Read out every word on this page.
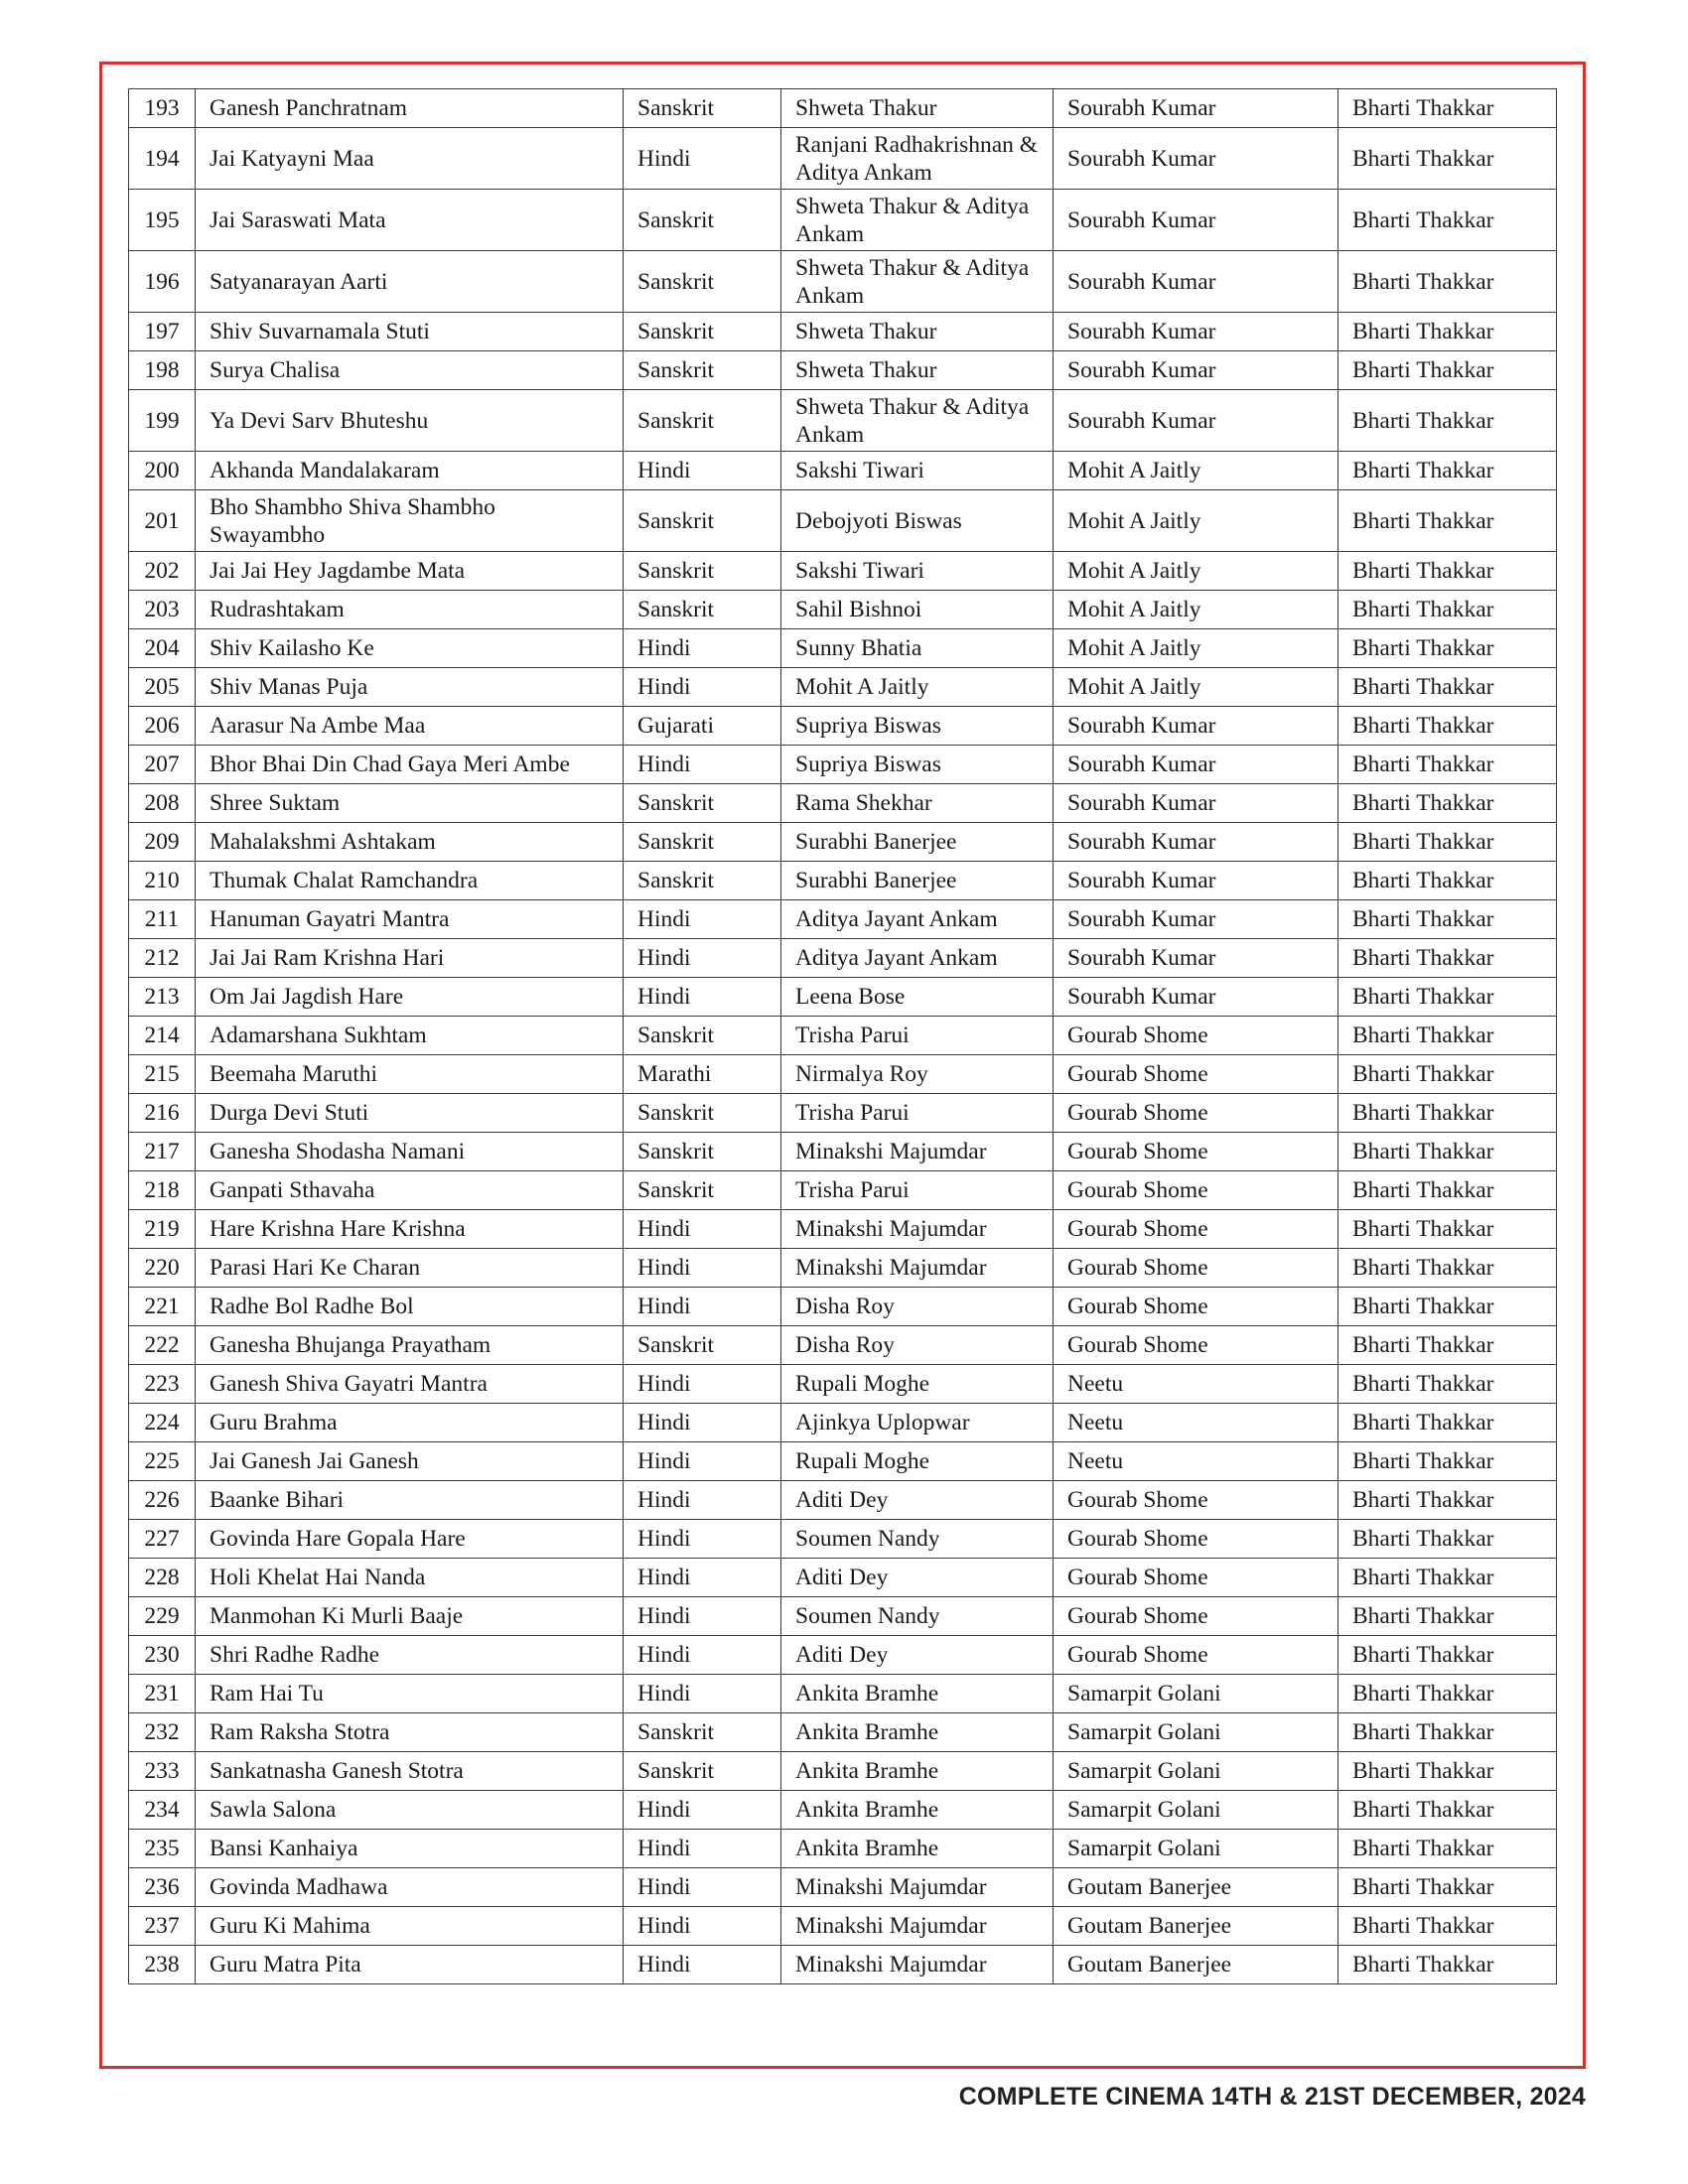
193	Ganesh Panchratnam	Sanskrit	Shweta Thakur	Sourabh Kumar	Bharti Thakkar
194	Jai Katyayni Maa	Hindi	Ranjani Radhakrishnan & Aditya Ankam	Sourabh Kumar	Bharti Thakkar
195	Jai Saraswati Mata	Sanskrit	Shweta Thakur & Aditya Ankam	Sourabh Kumar	Bharti Thakkar
196	Satyanarayan Aarti	Sanskrit	Shweta Thakur & Aditya Ankam	Sourabh Kumar	Bharti Thakkar
197	Shiv Suvarnamala Stuti	Sanskrit	Shweta Thakur	Sourabh Kumar	Bharti Thakkar
198	Surya Chalisa	Sanskrit	Shweta Thakur	Sourabh Kumar	Bharti Thakkar
199	Ya Devi Sarv Bhuteshu	Sanskrit	Shweta Thakur & Aditya Ankam	Sourabh Kumar	Bharti Thakkar
200	Akhanda Mandalakaram	Hindi	Sakshi Tiwari	Mohit A Jaitly	Bharti Thakkar
201	Bho Shambho Shiva Shambho Swayambho	Sanskrit	Debojyoti Biswas	Mohit A Jaitly	Bharti Thakkar
202	Jai Jai Hey Jagdambe Mata	Sanskrit	Sakshi Tiwari	Mohit A Jaitly	Bharti Thakkar
203	Rudrashtakam	Sanskrit	Sahil Bishnoi	Mohit A Jaitly	Bharti Thakkar
204	Shiv Kailasho Ke	Hindi	Sunny Bhatia	Mohit A Jaitly	Bharti Thakkar
205	Shiv Manas Puja	Hindi	Mohit A Jaitly	Mohit A Jaitly	Bharti Thakkar
206	Aarasur Na Ambe Maa	Gujarati	Supriya Biswas	Sourabh Kumar	Bharti Thakkar
207	Bhor Bhai Din Chad Gaya Meri Ambe	Hindi	Supriya Biswas	Sourabh Kumar	Bharti Thakkar
208	Shree Suktam	Sanskrit	Rama Shekhar	Sourabh Kumar	Bharti Thakkar
209	Mahalakshmi Ashtakam	Sanskrit	Surabhi Banerjee	Sourabh Kumar	Bharti Thakkar
210	Thumak Chalat Ramchandra	Sanskrit	Surabhi Banerjee	Sourabh Kumar	Bharti Thakkar
211	Hanuman Gayatri Mantra	Hindi	Aditya Jayant Ankam	Sourabh Kumar	Bharti Thakkar
212	Jai Jai Ram Krishna Hari	Hindi	Aditya Jayant Ankam	Sourabh Kumar	Bharti Thakkar
213	Om Jai Jagdish Hare	Hindi	Leena Bose	Sourabh Kumar	Bharti Thakkar
214	Adamarshana Sukhtam	Sanskrit	Trisha Parui	Gourab Shome	Bharti Thakkar
215	Beemaha Maruthi	Marathi	Nirmalya Roy	Gourab Shome	Bharti Thakkar
216	Durga Devi Stuti	Sanskrit	Trisha Parui	Gourab Shome	Bharti Thakkar
217	Ganesha Shodasha Namani	Sanskrit	Minakshi Majumdar	Gourab Shome	Bharti Thakkar
218	Ganpati Sthavaha	Sanskrit	Trisha Parui	Gourab Shome	Bharti Thakkar
219	Hare Krishna Hare Krishna	Hindi	Minakshi Majumdar	Gourab Shome	Bharti Thakkar
220	Parasi Hari Ke Charan	Hindi	Minakshi Majumdar	Gourab Shome	Bharti Thakkar
221	Radhe Bol Radhe Bol	Hindi	Disha Roy	Gourab Shome	Bharti Thakkar
222	Ganesha Bhujanga Prayatham	Sanskrit	Disha Roy	Gourab Shome	Bharti Thakkar
223	Ganesh Shiva Gayatri Mantra	Hindi	Rupali Moghe	Neetu	Bharti Thakkar
224	Guru Brahma	Hindi	Ajinkya Uplopwar	Neetu	Bharti Thakkar
225	Jai Ganesh Jai Ganesh	Hindi	Rupali Moghe	Neetu	Bharti Thakkar
226	Baanke Bihari	Hindi	Aditi Dey	Gourab Shome	Bharti Thakkar
227	Govinda Hare Gopala Hare	Hindi	Soumen Nandy	Gourab Shome	Bharti Thakkar
228	Holi Khelat Hai Nanda	Hindi	Aditi Dey	Gourab Shome	Bharti Thakkar
229	Manmohan Ki Murli Baaje	Hindi	Soumen Nandy	Gourab Shome	Bharti Thakkar
230	Shri Radhe Radhe	Hindi	Aditi Dey	Gourab Shome	Bharti Thakkar
231	Ram Hai Tu	Hindi	Ankita Bramhe	Samarpit Golani	Bharti Thakkar
232	Ram Raksha Stotra	Sanskrit	Ankita Bramhe	Samarpit Golani	Bharti Thakkar
233	Sankatnasha Ganesh Stotra	Sanskrit	Ankita Bramhe	Samarpit Golani	Bharti Thakkar
234	Sawla Salona	Hindi	Ankita Bramhe	Samarpit Golani	Bharti Thakkar
235	Bansi Kanhaiya	Hindi	Ankita Bramhe	Samarpit Golani	Bharti Thakkar
236	Govinda Madhawa	Hindi	Minakshi Majumdar	Goutam Banerjee	Bharti Thakkar
237	Guru Ki Mahima	Hindi	Minakshi Majumdar	Goutam Banerjee	Bharti Thakkar
238	Guru Matra Pita	Hindi	Minakshi Majumdar	Goutam Banerjee	Bharti Thakkar
COMPLETE CINEMA 14TH & 21ST DECEMBER, 2024
